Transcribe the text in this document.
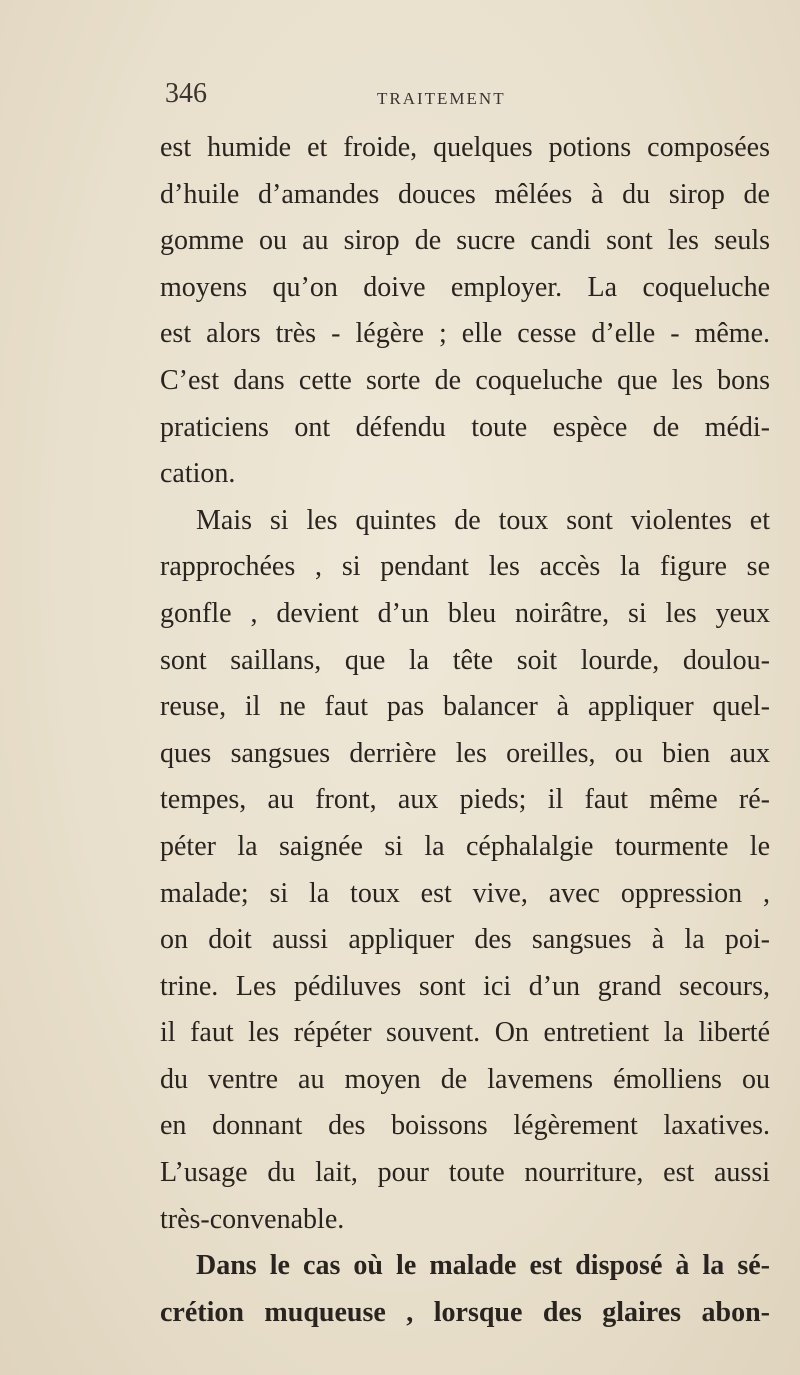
346	TRAITEMENT
est humide et froide, quelques potions composées
d’huile d’amandes douces mêlées à du sirop de
gomme ou au sirop de sucre candi sont les seuls
moyens qu’on doive employer. La coqueluche
est alors très - légère ; elle cesse d’elle - même.
C’est dans cette sorte de coqueluche que les bons
praticiens ont défendu toute espèce de médi-
cation.
Mais si les quintes de toux sont violentes et
rapprochées , si pendant les accès la figure se
gonfle , devient d’un bleu noirâtre, si les yeux
sont saillans, que la tête soit lourde, doulou-
reuse, il ne faut pas balancer à appliquer quel-
ques sangsues derrière les oreilles, ou bien aux
tempes, au front, aux pieds; il faut même ré-
péter la saignée si la céphalalgie tourmente le
malade; si la toux est vive, avec oppression ,
on doit aussi appliquer des sangsues à la poi-
trine. Les pédiluves sont ici d’un grand secours,
il faut les répéter souvent. On entretient la liberté
du ventre au moyen de lavemens émolliens ou
en donnant des boissons légèrement laxatives.
L’usage du lait, pour toute nourriture, est aussi
très-convenable.
Dans le cas où le malade est disposé à la sé-
crétion muqueuse , lorsque des glaires abon-
